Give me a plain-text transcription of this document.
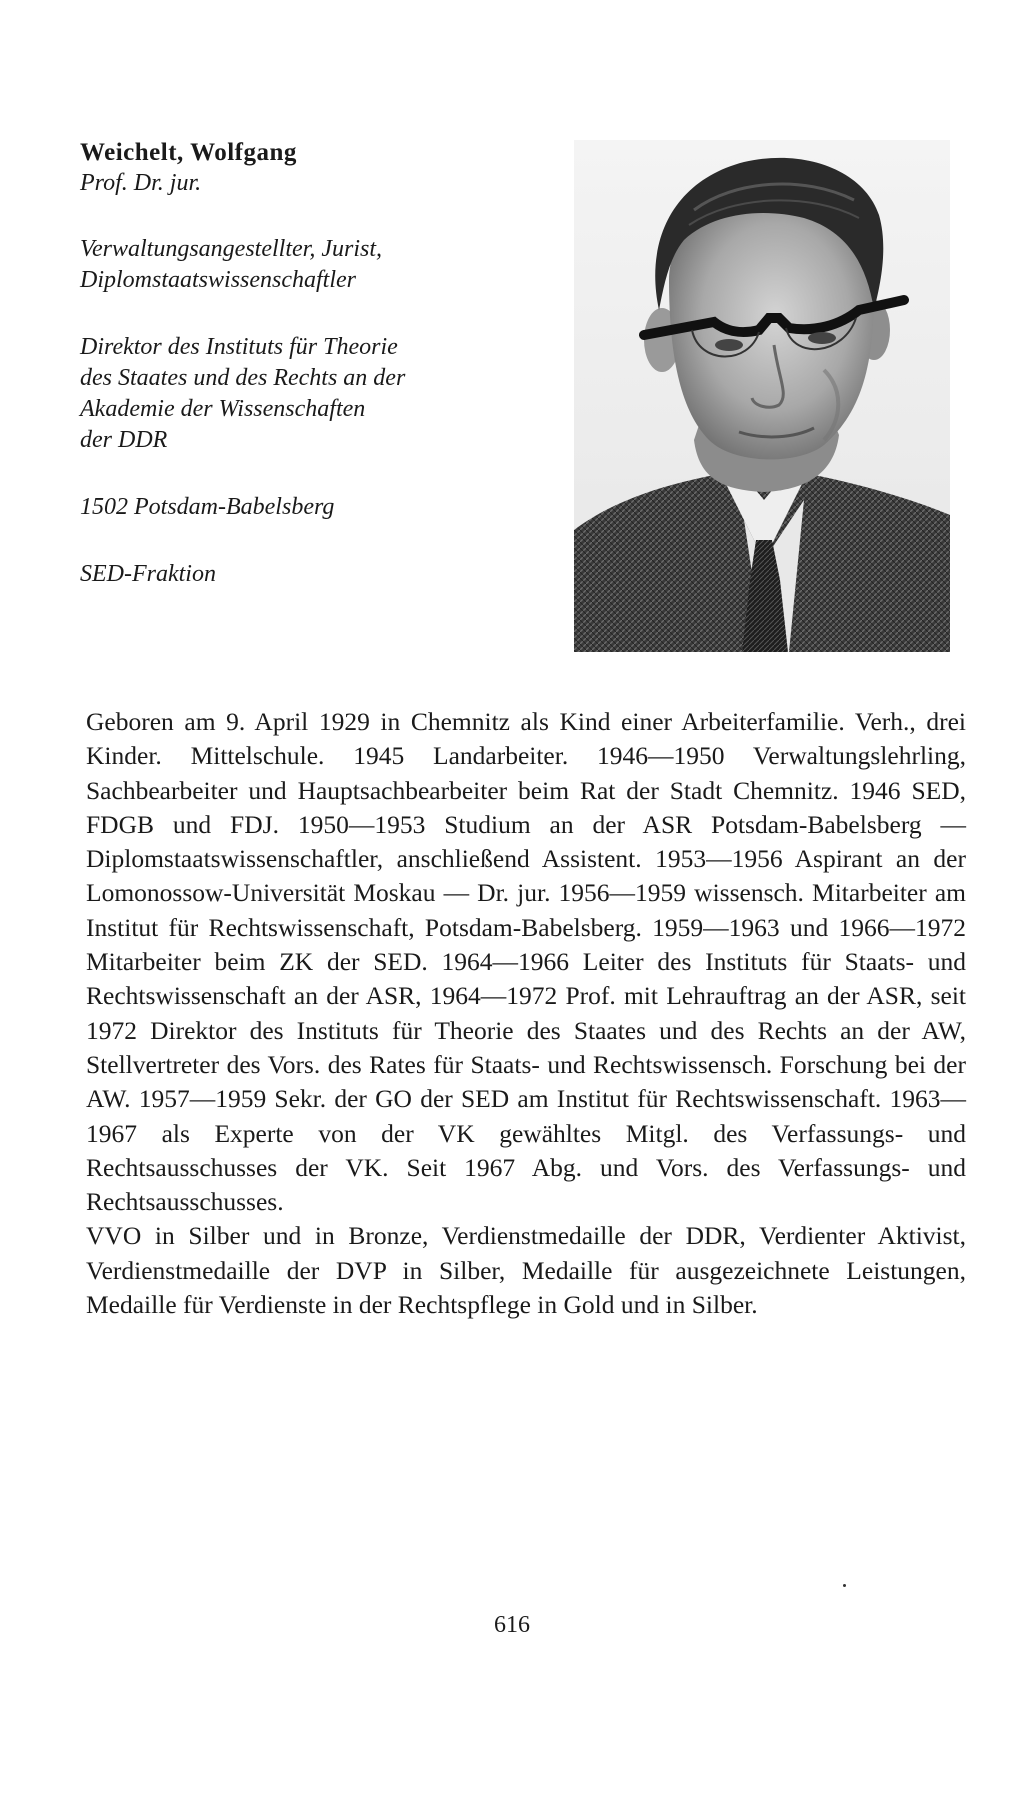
Weichelt, Wolfgang
Prof. Dr. jur.
Verwaltungsangestellter, Jurist,
Diplomstaatswissenschaftler
Direktor des Instituts für Theorie
des Staates und des Rechts an der
Akademie der Wissenschaften
der DDR
1502 Potsdam-Babelsberg
SED-Fraktion

Geboren am 9. April 1929 in Chemnitz als Kind einer Arbeiterfamilie. Verh., drei Kinder. Mittelschule. 1945 Landarbeiter. 1946—1950 Verwaltungslehrling, Sachbearbeiter und Hauptsachbearbeiter beim Rat der Stadt Chemnitz. 1946 SED, FDGB und FDJ. 1950—1953 Studium an der ASR Potsdam-Babelsberg — Diplomstaatswissenschaftler, anschließend Assistent. 1953—1956 Aspirant an der Lomonossow-Universität Moskau — Dr. jur. 1956—1959 wissensch. Mitarbeiter am Institut für Rechtswissenschaft, Potsdam-Babelsberg. 1959—1963 und 1966—1972 Mitarbeiter beim ZK der SED. 1964—1966 Leiter des Instituts für Staats- und Rechtswissenschaft an der ASR, 1964—1972 Prof. mit Lehrauftrag an der ASR, seit 1972 Direktor des Instituts für Theorie des Staates und des Rechts an der AW, Stellvertreter des Vors. des Rates für Staats- und Rechtswissensch. Forschung bei der AW. 1957—1959 Sekr. der GO der SED am Institut für Rechtswissenschaft. 1963—1967 als Experte von der VK gewähltes Mitgl. des Verfassungs- und Rechtsausschusses der VK. Seit 1967 Abg. und Vors. des Verfassungs- und Rechtsausschusses.

VVO in Silber und in Bronze, Verdienstmedaille der DDR, Verdienter Aktivist, Verdienstmedaille der DVP in Silber, Medaille für ausgezeichnete Leistungen, Medaille für Verdienste in der Rechtspflege in Gold und in Silber.

616
